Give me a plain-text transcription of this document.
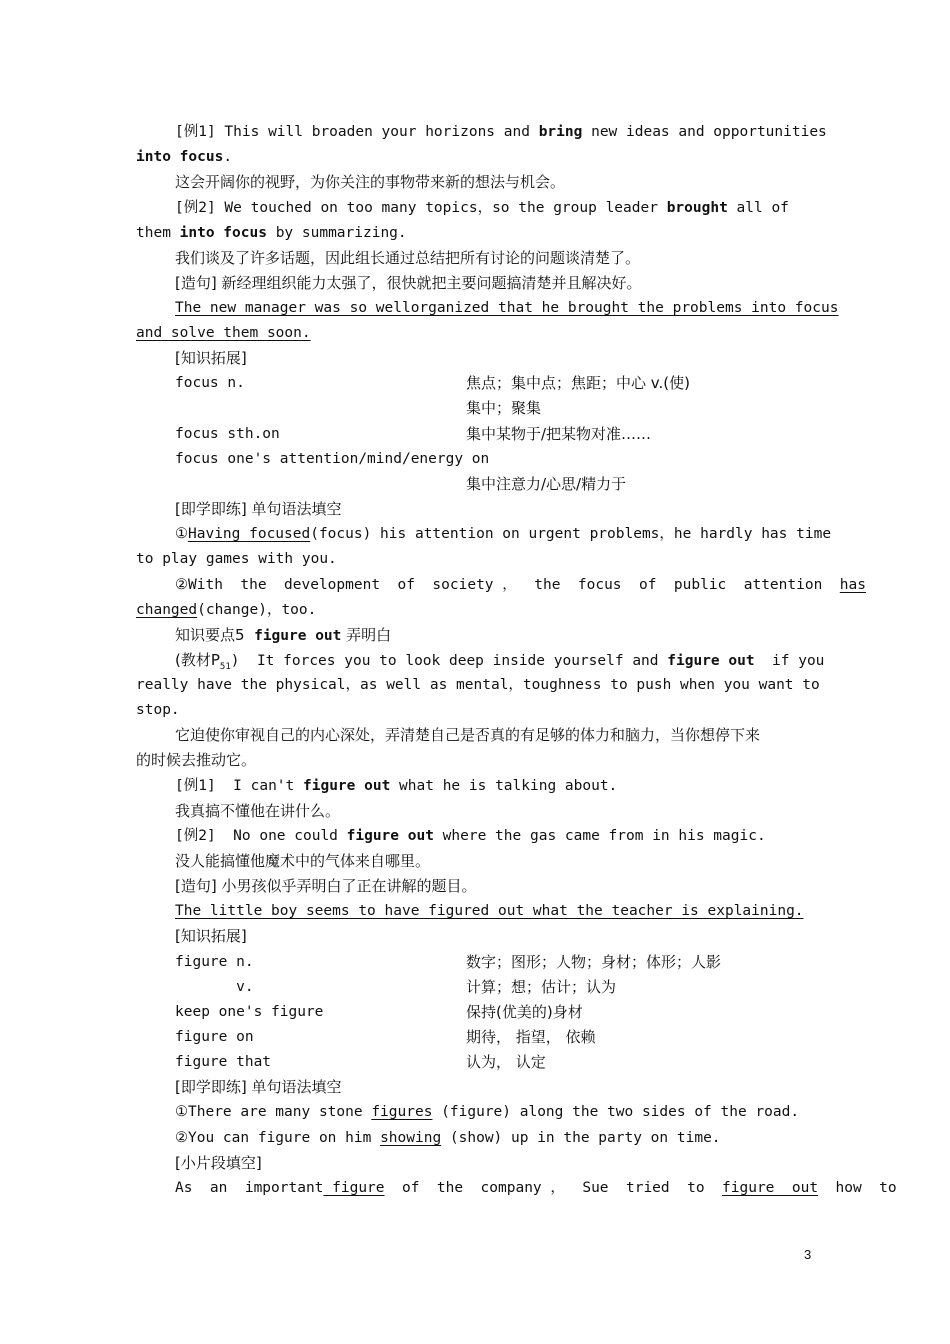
[例1] This will broaden your horizons and bring new ideas and opportunities
into focus.
这会开阔你的视野，为你关注的事物带来新的想法与机会。
[例2] We touched on too many topics，so the group leader brought all of
them into focus by summarizing.
我们谈及了许多话题，因此组长通过总结把所有讨论的问题谈清楚了。
[造句] 新经理组织能力太强了，很快就把主要问题搞清楚并且解决好。
The new manager was so wellorganized that he brought the problems into focus
and solve them soon.
[知识拓展]
focus n.	焦点；集中点；焦距；中心 v.(使)
集中；聚集
focus sth.on	集中某物于/把某物对准……
focus one's attention/mind/energy on
集中注意力/心思/精力于
[即学即练] 单句语法填空
①Having focused(focus) his attention on urgent problems，he hardly has time
to play games with you.
②With  the  development  of  society ，  the  focus  of  public  attention  has
changed(change)，too.
知识要点5  figure out 弄明白
(教材$P_{51}$)  It forces you to look deep inside yourself and figure out  if you
really have the physical，as well as mental，toughness to push when you want to
stop.
它迫使你审视自己的内心深处，弄清楚自己是否真的有足够的体力和脑力，当你想停下来
的时候去推动它。
[例1]  I can't figure out what he is talking about.
我真搞不懂他在讲什么。
[例2]  No one could figure out where the gas came from in his magic.
没人能搞懂他魔术中的气体来自哪里。
[造句] 小男孩似乎弄明白了正在讲解的题目。
The little boy seems to have figured out what the teacher is explaining.
[知识拓展]
figure n.	数字；图形；人物；身材；体形；人影
v.	计算；想；估计；认为
keep one's figure	保持(优美的)身材
figure on	期待， 指望， 依赖
figure that	认为， 认定
[即学即练] 单句语法填空
①There are many stone figures (figure) along the two sides of the road.
②You can figure on him showing (show) up in the party on time.
[小片段填空]
As  an  important figure  of  the  company ，  Sue  tried  to  figure  out  how  to
3
